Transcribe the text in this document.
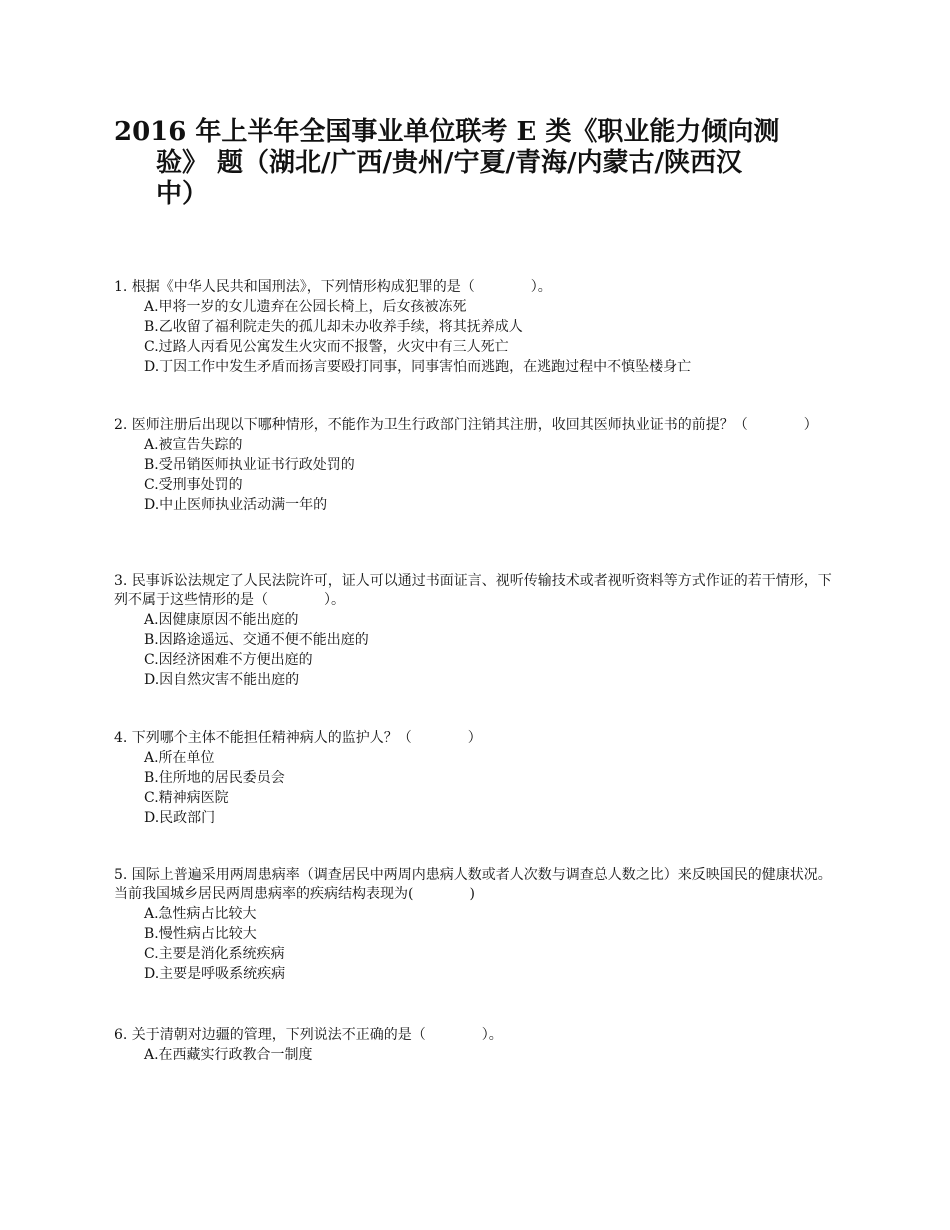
2016 年上半年全国事业单位联考 E 类《职业能力倾向测
验》 题（湖北/广西/贵州/宁夏/青海/内蒙古/陕西汉
中）
1. 根据《中华人民共和国刑法》，下列情形构成犯罪的是（　　　　）。
A.甲将一岁的女儿遗弃在公园长椅上，后女孩被冻死
B.乙收留了福利院走失的孤儿却未办收养手续，将其抚养成人
C.过路人丙看见公寓发生火灾而不报警，火灾中有三人死亡
D.丁因工作中发生矛盾而扬言要殴打同事，同事害怕而逃跑，在逃跑过程中不慎坠楼身亡
2. 医师注册后出现以下哪种情形，不能作为卫生行政部门注销其注册，收回其医师执业证书的前提？（　　　　）
A.被宣告失踪的
B.受吊销医师执业证书行政处罚的
C.受刑事处罚的
D.中止医师执业活动满一年的
3. 民事诉讼法规定了人民法院许可，证人可以通过书面证言、视听传输技术或者视听资料等方式作证的若干情形，下列不属于这些情形的是（　　　　）。
A.因健康原因不能出庭的
B.因路途遥远、交通不便不能出庭的
C.因经济困难不方便出庭的
D.因自然灾害不能出庭的
4. 下列哪个主体不能担任精神病人的监护人？（　　　　）
A.所在单位
B.住所地的居民委员会
C.精神病医院
D.民政部门
5. 国际上普遍采用两周患病率（调查居民中两周内患病人数或者人次数与调查总人数之比）来反映国民的健康状况。当前我国城乡居民两周患病率的疾病结构表现为(　　　　)
A.急性病占比较大
B.慢性病占比较大
C.主要是消化系统疾病
D.主要是呼吸系统疾病
6. 关于清朝对边疆的管理，下列说法不正确的是（　　　　）。
A.在西藏实行政教合一制度
